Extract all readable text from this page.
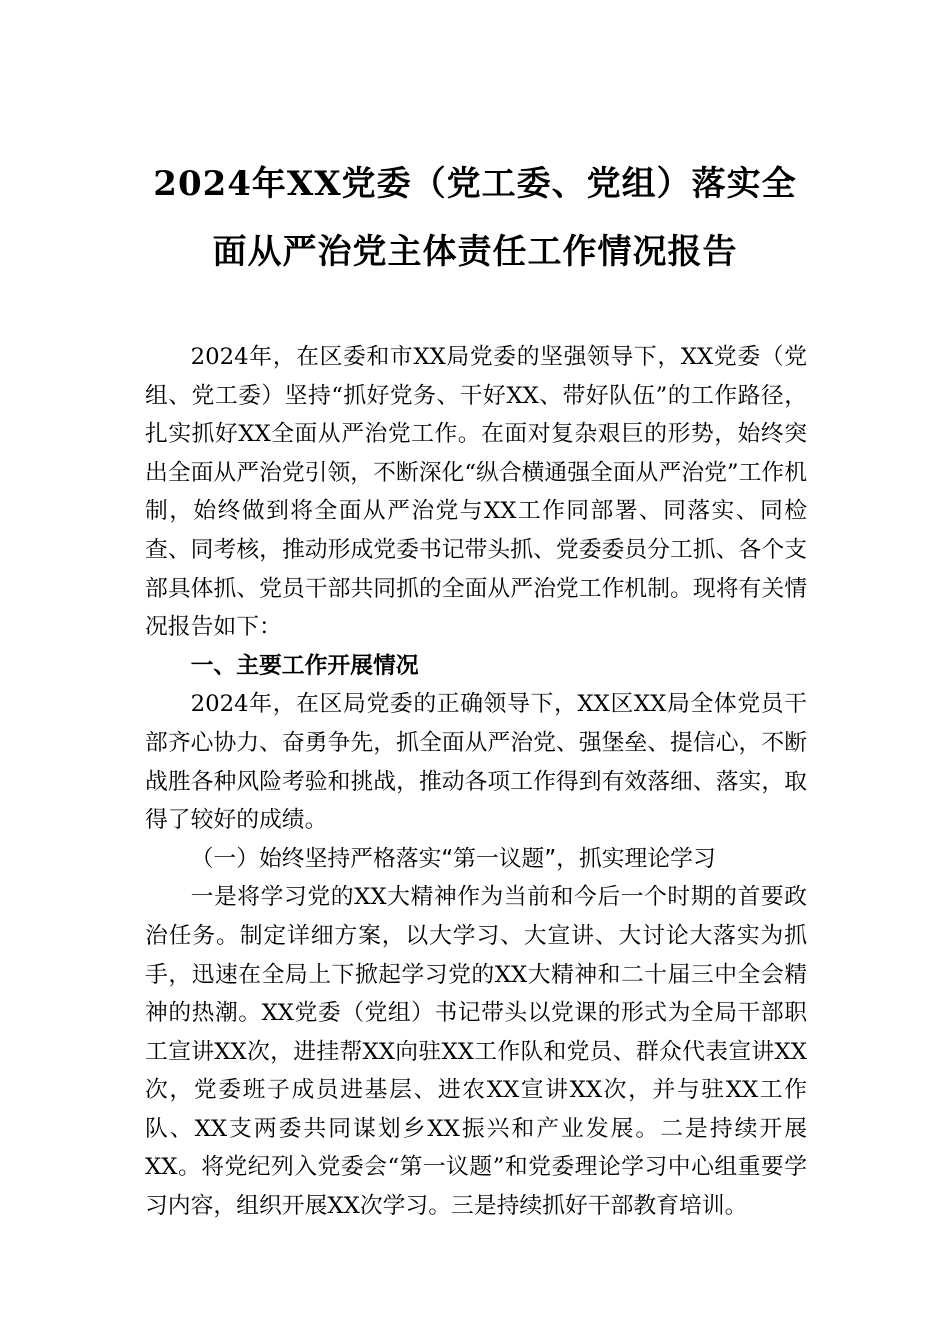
2024年XX党委（党工委、党组）落实全
面从严治党主体责任工作情况报告

2024年，在区委和市XX局党委的坚强领导下，XX党委（党组、党工委）坚持“抓好党务、干好XX、带好队伍”的工作路径，扎实抓好XX全面从严治党工作。在面对复杂艰巨的形势，始终突出全面从严治党引领，不断深化“纵合横通强全面从严治党”工作机制，始终做到将全面从严治党与XX工作同部署、同落实、同检查、同考核，推动形成党委书记带头抓、党委委员分工抓、各个支部具体抓、党员干部共同抓的全面从严治党工作机制。现将有关情况报告如下：

一、主要工作开展情况

2024年，在区局党委的正确领导下，XX区XX局全体党员干部齐心协力、奋勇争先，抓全面从严治党、强堡垒、提信心，不断战胜各种风险考验和挑战，推动各项工作得到有效落细、落实，取得了较好的成绩。

（一）始终坚持严格落实“第一议题”，抓实理论学习

一是将学习党的XX大精神作为当前和今后一个时期的首要政治任务。制定详细方案，以大学习、大宣讲、大讨论大落实为抓手，迅速在全局上下掀起学习党的XX大精神和二十届三中全会精神的热潮。XX党委（党组）书记带头以党课的形式为全局干部职工宣讲XX次，进挂帮XX向驻XX工作队和党员、群众代表宣讲XX次，党委班子成员进基层、进农XX宣讲XX次，并与驻XX工作队、XX支两委共同谋划乡XX振兴和产业发展。二是持续开展XX。将党纪列入党委会“第一议题”和党委理论学习中心组重要学习内容，组织开展XX次学习。三是持续抓好干部教育培训。
